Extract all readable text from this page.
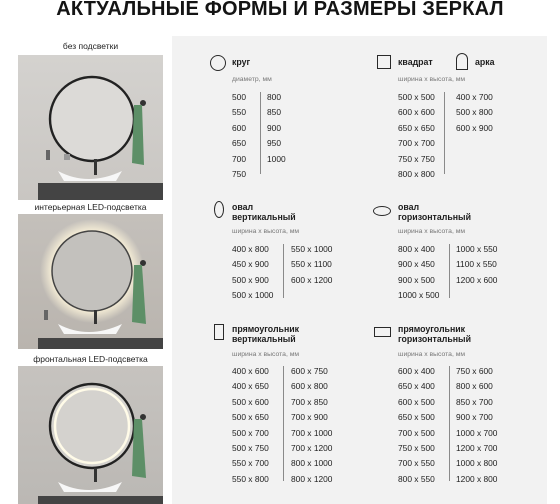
АКТУАЛЬНЫЕ ФОРМЫ И РАЗМЕРЫ ЗЕРКАЛ
без подсветки
интерьерная LED-подсветка
фронтальная LED-подсветка
круг
диаметр, мм
500
550
600
650
700
750
800
850
900
950
1000
квадрат
ширина х высота, мм
500 x 500
600 x 600
650 x 650
700 x 700
750 x 750
800 x 800
арка
400 x 700
500 x 800
600 x 900
овал
вертикальный
ширина х высота, мм
400 x 800
450 x 900
500 x 900
500 x 1000
550 x 1000
550 x 1100
600 x 1200
овал
горизонтальный
ширина х высота, мм
800 x 400
900 x 450
900 x 500
1000 x 500
1000 x 550
1100 x 550
1200 x 600
прямоугольник
вертикальный
ширина х высота, мм
400 x 600
400 x 650
500 x 600
500 x 650
500 x 700
500 x 750
550 x 700
550 x 800
600 x 750
600 x 800
700 x 850
700 x 900
700 x 1000
700 x 1200
800 x 1000
800 x 1200
прямоугольник
горизонтальный
ширина х высота, мм
600 x 400
650 x 400
600 x 500
650 x 500
700 x 500
750 x 500
700 x 550
800 x 550
750 x 600
800 x 600
850 x 700
900 x 700
1000 x 700
1200 x 700
1000 x 800
1200 x 800
